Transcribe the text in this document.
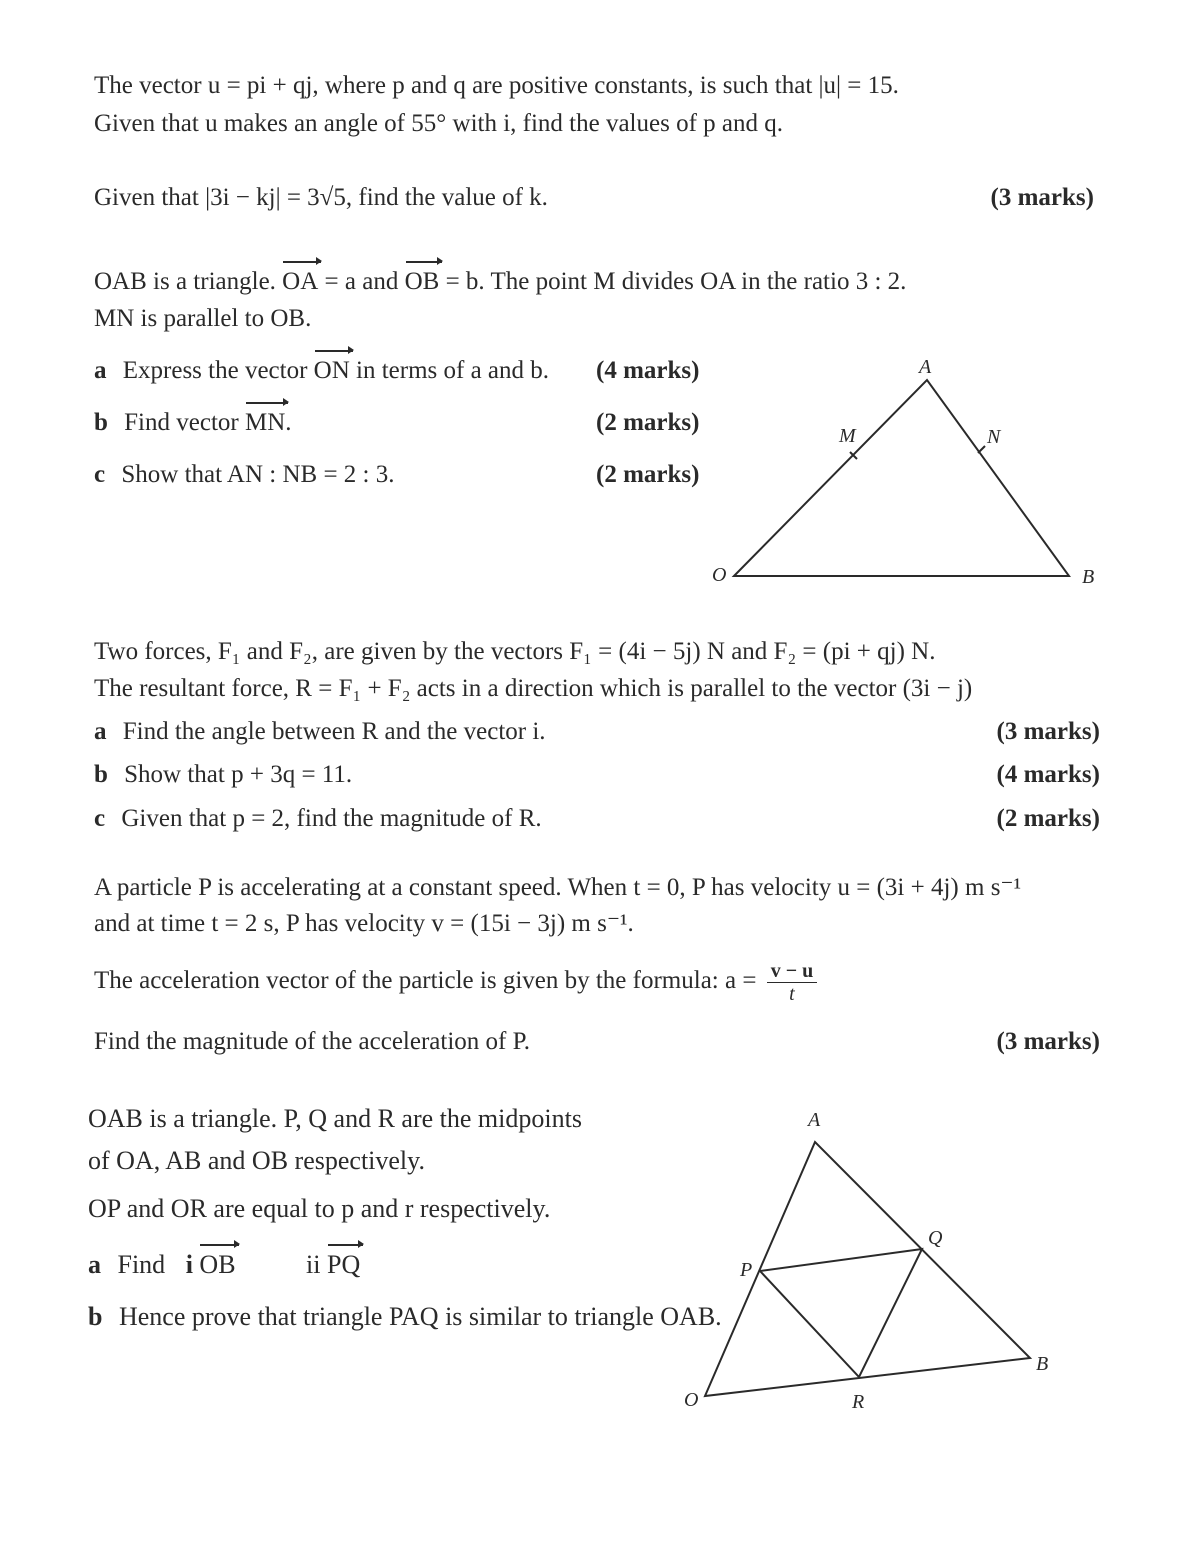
The vector u = pi + qj, where p and q are positive constants, is such that |u| = 15.
Given that u makes an angle of 55° with i, find the values of p and q.
Given that |3i − kj| = 3√5, find the value of k.	(3 marks)
OAB is a triangle. OA = a and OB = b. The point M divides OA in the ratio 3 : 2.
MN is parallel to OB.
a Express the vector ON in terms of a and b. (4 marks)
b Find vector MN.	(2 marks)
c Show that AN : NB = 2 : 3.	(2 marks)
A
M	N
O	B
Two forces, F₁ and F₂, are given by the vectors F₁ = (4i − 5j) N and F₂ = (pi + qj) N.
The resultant force, R = F₁ + F₂ acts in a direction which is parallel to the vector (3i − j)
a Find the angle between R and the vector i.	(3 marks)
b Show that p + 3q = 11.	(4 marks)
c Given that p = 2, find the magnitude of R.	(2 marks)
A particle P is accelerating at a constant speed. When t = 0, P has velocity u = (3i + 4j) m s⁻¹
and at time t = 2 s, P has velocity v = (15i − 3j) m s⁻¹.
The acceleration vector of the particle is given by the formula: $a = \frac{v - u}{t}$
Find the magnitude of the acceleration of P.	(3 marks)
OAB is a triangle. P, Q and R are the midpoints
of OA, AB and OB respectively.
OP and OR are equal to p and r respectively.
a Find i OB	ii PQ
b Hence prove that triangle PAQ is similar to triangle OAB.
A
Q
P
B
R
O
